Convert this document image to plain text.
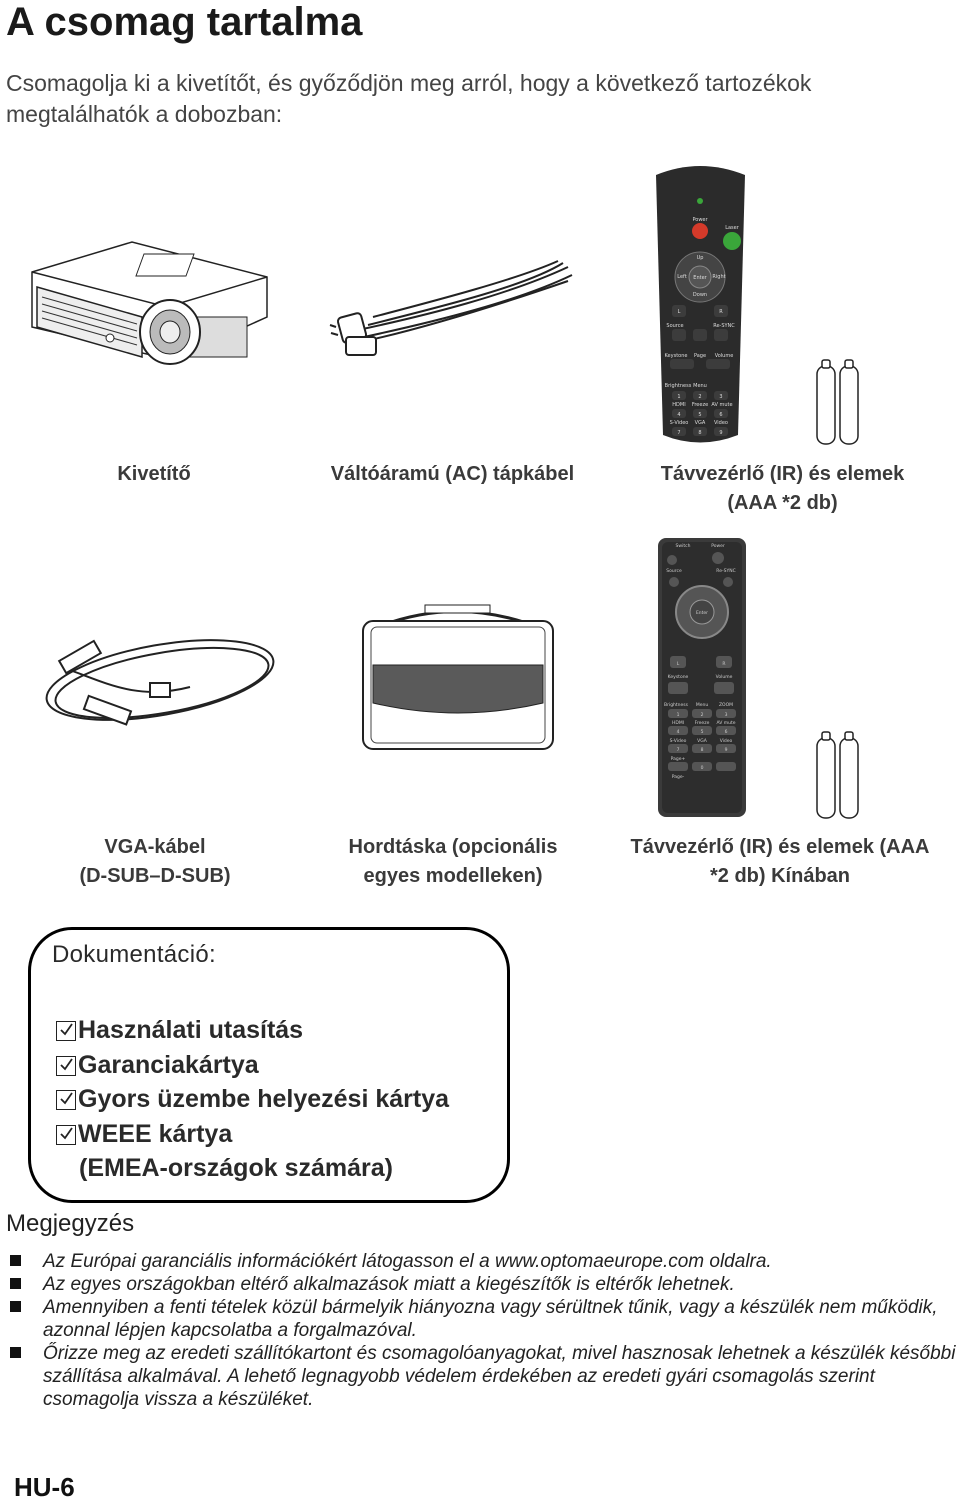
A csomag tartalma
Csomagolja ki a kivetítőt, és győződjön meg arról, hogy a következő tartozékok megtalálhatók a dobozban:
Power
Laser
Up
Left Enter Right
Down
L	R
Source	Re-SYNC
Keystone Page Volume
Brightness Menu
HDMI Freeze AV mute
S-Video VGA Video
1	2	3
4	5	6
7	8	9
Kivetítő	Váltóáramú (AC) tápkábel	Távvezérlő (IR) és elemek
(AAA *2 db)
Switch	Power
Source	Re-SYNC
Enter
L	R
Keystone	Volume
Brightness Menu ZOOM
HDMI Freeze AV mute
S-Video VGA	Video
Page+
Page-
1	2	3
4	5	6
7	8	9
0
VGA-kábel
(D-SUB–D-SUB)
Hordtáska (opcionális
egyes modelleken)
Távvezérlő (IR) és elemek (AAA
*2 db) Kínában
Dokumentáció:
Használati utasítás
Garanciakártya
Gyors üzembe helyezési kártya
WEEE kártya
(EMEA-országok számára)
Megjegyzés
Az Európai garanciális információkért látogasson el a www.optomaeurope.com oldalra.
Az egyes országokban eltérő alkalmazások miatt a kiegészítők is eltérők lehetnek.
Amennyiben a fenti tételek közül bármelyik hiányozna vagy sérültnek tűnik, vagy a készülék nem működik, azonnal lépjen kapcsolatba a forgalmazóval.
Őrizze meg az eredeti szállítókartont és csomagolóanyagokat, mivel hasznosak lehetnek a készülék későbbi szállítása alkalmával. A lehető legnagyobb védelem érdekében az eredeti gyári csomagolás szerint csomagolja vissza a készüléket.
HU-6
